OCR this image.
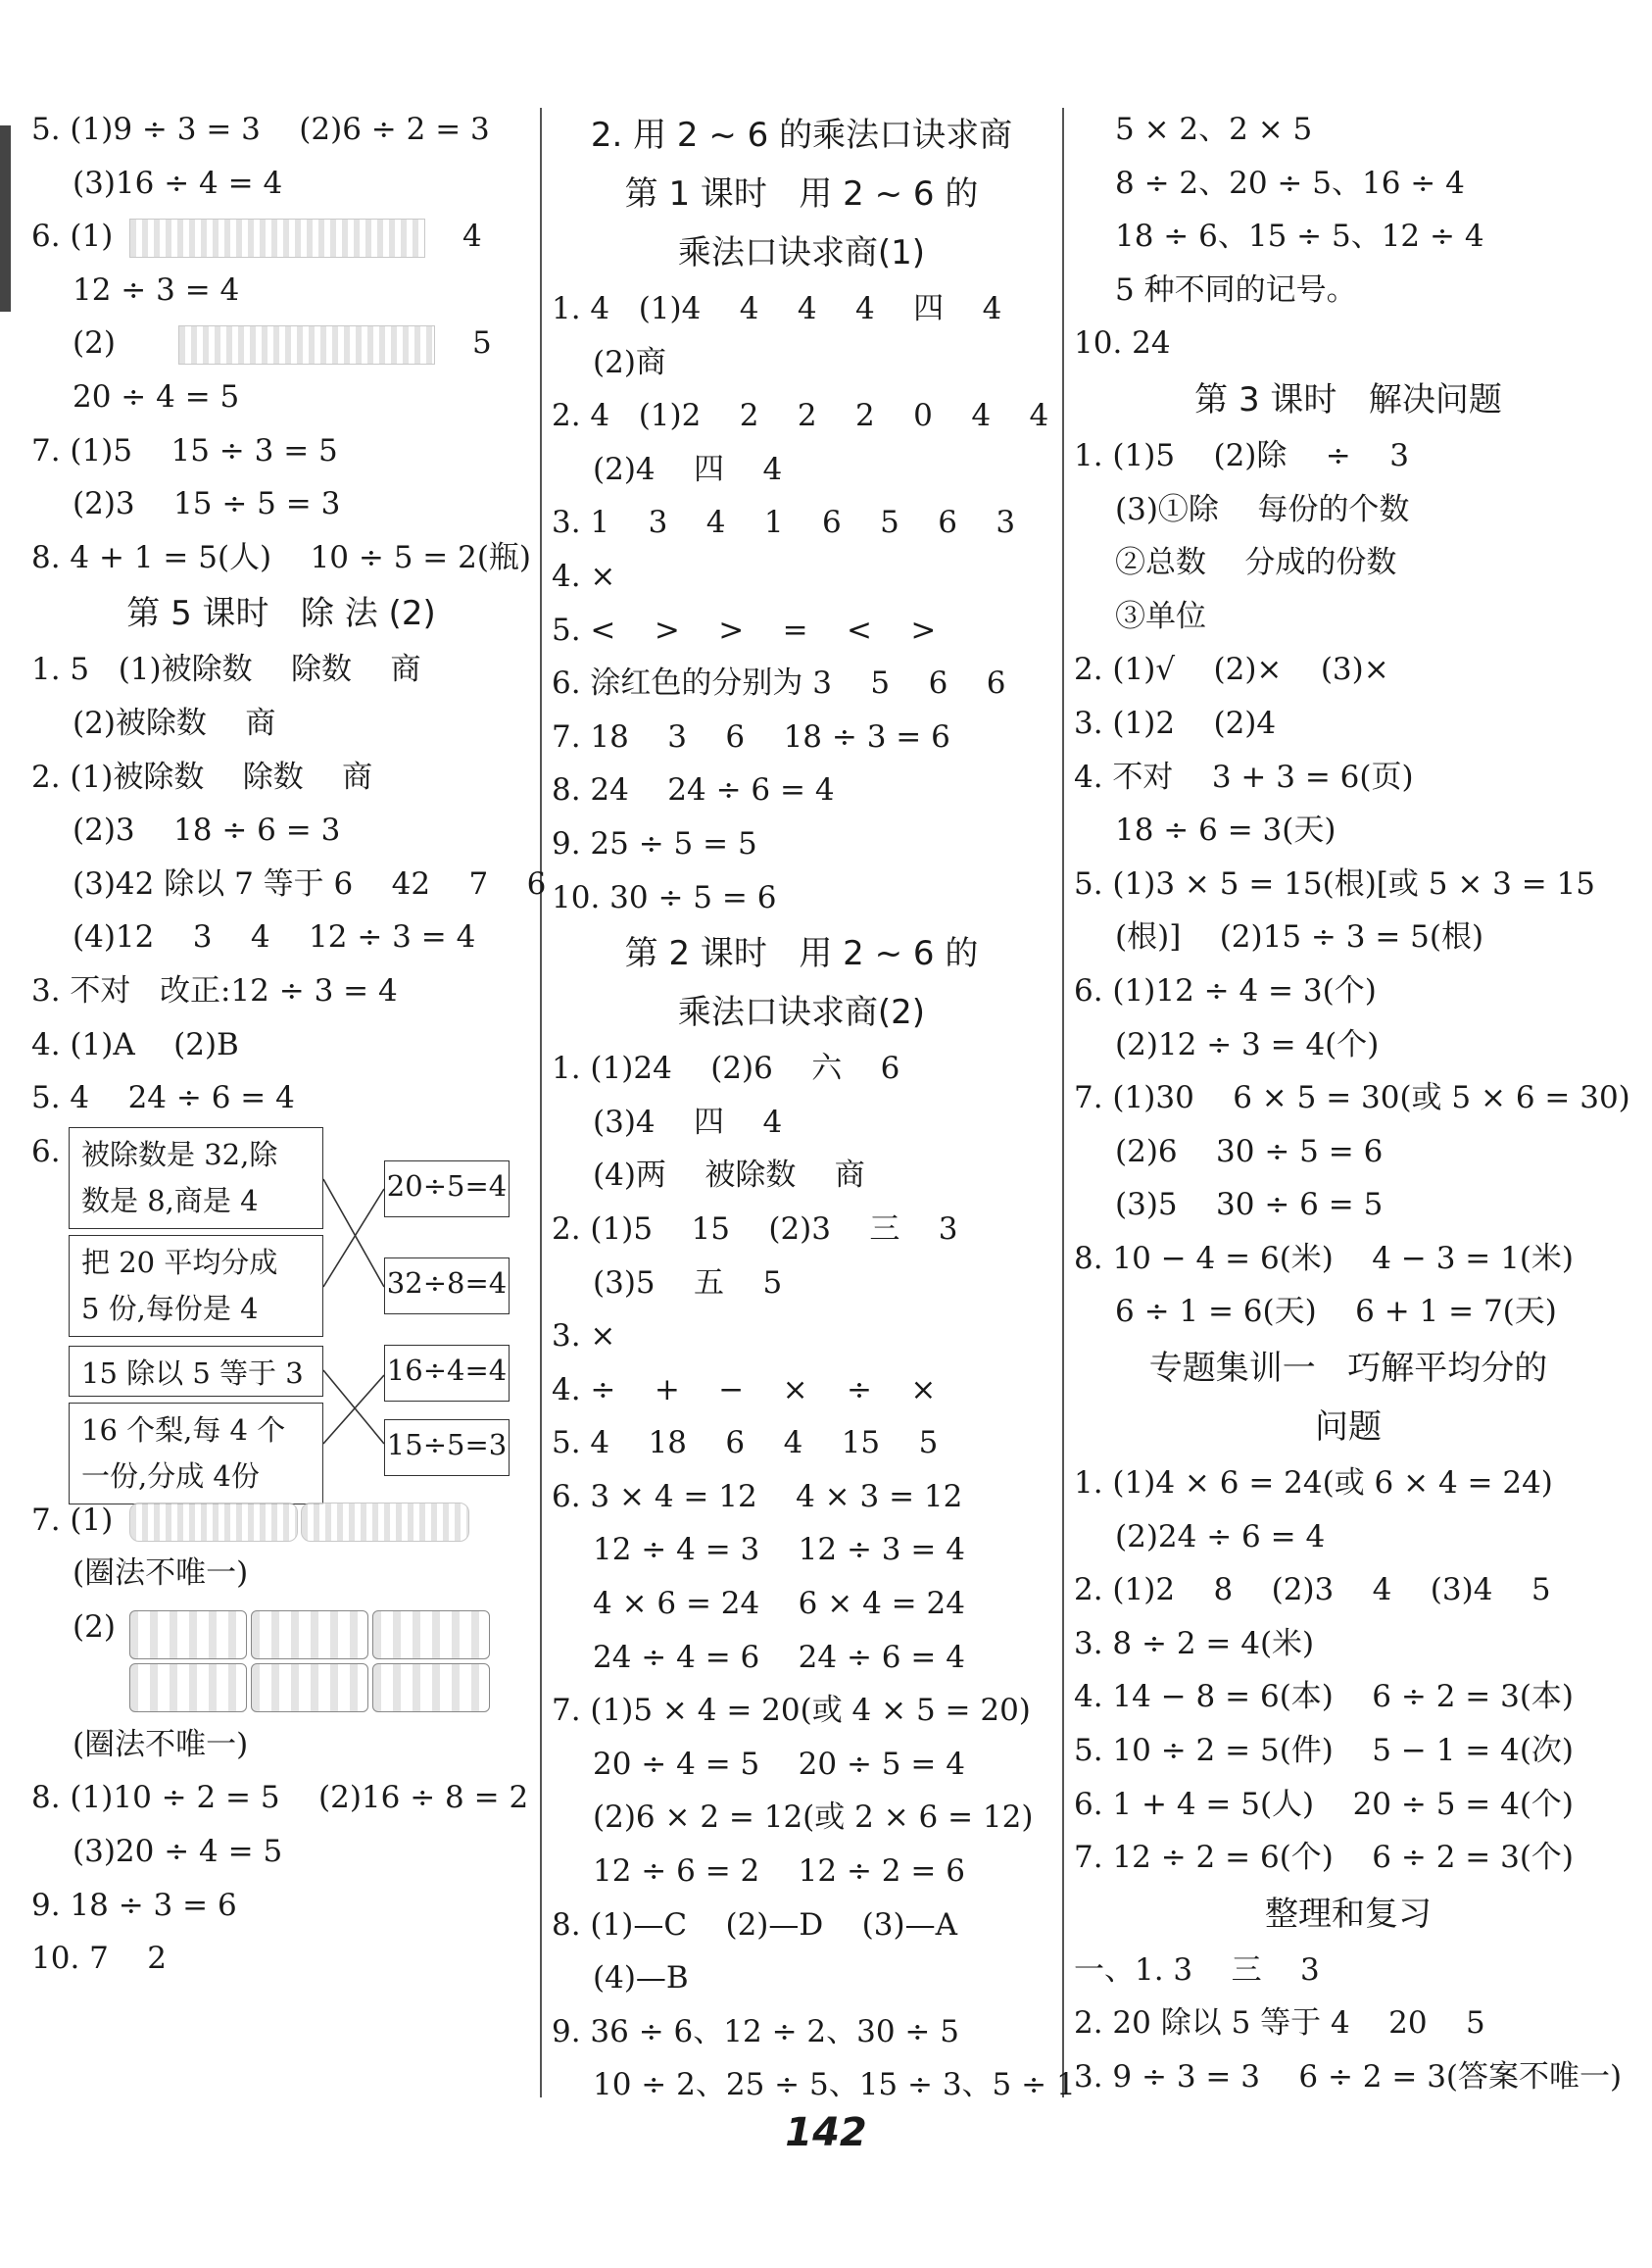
5. (1)9 ÷ 3 = 3    (2)6 ÷ 2 = 3
(3)16 ÷ 4 = 4
6. (1)	4
12 ÷ 3 = 4
(2)	5
20 ÷ 4 = 5
7. (1)5    15 ÷ 3 = 5
(2)3    15 ÷ 5 = 3
8. 4 + 1 = 5(人)    10 ÷ 5 = 2(瓶)
第 5 课时   除 法 (2)
1. 5   (1)被除数    除数    商
(2)被除数    商
2. (1)被除数    除数    商
(2)3    18 ÷ 6 = 3
(3)42 除以 7 等于 6    42    7    6
(4)12    3    4    12 ÷ 3 = 4
3. 不对   改正:12 ÷ 3 = 4
4. (1)A    (2)B
5. 4    24 ÷ 6 = 4
6. 被除数是 32,除
数是 8,商是 4
把 20 平均分成
5 份,每份是 4
15 除以 5 等于 3
16 个梨,每 4 个
一份,分成 4份
20÷5=4
32÷8=4
16÷4=4
15÷5=3
7. (1)
(圈法不唯一)
(2)
(圈法不唯一)
8. (1)10 ÷ 2 = 5    (2)16 ÷ 8 = 2
(3)20 ÷ 4 = 5
9. 18 ÷ 3 = 6
10. 7    2
2. 用 2 ~ 6 的乘法口诀求商
第 1 课时   用 2 ~ 6 的
乘法口诀求商(1)
1. 4   (1)4    4    4    4    四    4
(2)商
2. 4   (1)2    2    2    2    0    4    4
(2)4    四    4
3. 1    3    4    1    6    5    6    3
4. ×
5. <    >    >    =    <    >
6. 涂红色的分别为 3    5    6    6
7. 18    3    6    18 ÷ 3 = 6
8. 24    24 ÷ 6 = 4
9. 25 ÷ 5 = 5
10. 30 ÷ 5 = 6
第 2 课时   用 2 ~ 6 的
乘法口诀求商(2)
1. (1)24    (2)6    六    6
(3)4    四    4
(4)两    被除数    商
2. (1)5    15    (2)3    三    3
(3)5    五    5
3. ×
4. ÷    +    −    ×    ÷    ×
5. 4    18    6    4    15    5
6. 3 × 4 = 12    4 × 3 = 12
12 ÷ 4 = 3    12 ÷ 3 = 4
4 × 6 = 24    6 × 4 = 24
24 ÷ 4 = 6    24 ÷ 6 = 4
7. (1)5 × 4 = 20(或 4 × 5 = 20)
20 ÷ 4 = 5    20 ÷ 5 = 4
(2)6 × 2 = 12(或 2 × 6 = 12)
12 ÷ 6 = 2    12 ÷ 2 = 6
8. (1)—C    (2)—D    (3)—A
(4)—B
9. 36 ÷ 6、12 ÷ 2、30 ÷ 5
10 ÷ 2、25 ÷ 5、15 ÷ 3、5 ÷ 1
5 × 2、2 × 5
8 ÷ 2、20 ÷ 5、16 ÷ 4
18 ÷ 6、15 ÷ 5、12 ÷ 4
5 种不同的记号。
10. 24
第 3 课时   解决问题
1. (1)5    (2)除    ÷    3
(3)①除    每份的个数
②总数    分成的份数
③单位
2. (1)√    (2)×    (3)×
3. (1)2    (2)4
4. 不对    3 + 3 = 6(页)
18 ÷ 6 = 3(天)
5. (1)3 × 5 = 15(根)[或 5 × 3 = 15
(根)]    (2)15 ÷ 3 = 5(根)
6. (1)12 ÷ 4 = 3(个)
(2)12 ÷ 3 = 4(个)
7. (1)30    6 × 5 = 30(或 5 × 6 = 30)
(2)6    30 ÷ 5 = 6
(3)5    30 ÷ 6 = 5
8. 10 − 4 = 6(米)    4 − 3 = 1(米)
6 ÷ 1 = 6(天)    6 + 1 = 7(天)
专题集训一   巧解平均分的
问题
1. (1)4 × 6 = 24(或 6 × 4 = 24)
(2)24 ÷ 6 = 4
2. (1)2    8    (2)3    4    (3)4    5
3. 8 ÷ 2 = 4(米)
4. 14 − 8 = 6(本)    6 ÷ 2 = 3(本)
5. 10 ÷ 2 = 5(件)    5 − 1 = 4(次)
6. 1 + 4 = 5(人)    20 ÷ 5 = 4(个)
7. 12 ÷ 2 = 6(个)    6 ÷ 2 = 3(个)
整理和复习
一、1. 3    三    3
2. 20 除以 5 等于 4    20    5
3. 9 ÷ 3 = 3    6 ÷ 2 = 3(答案不唯一)
142
